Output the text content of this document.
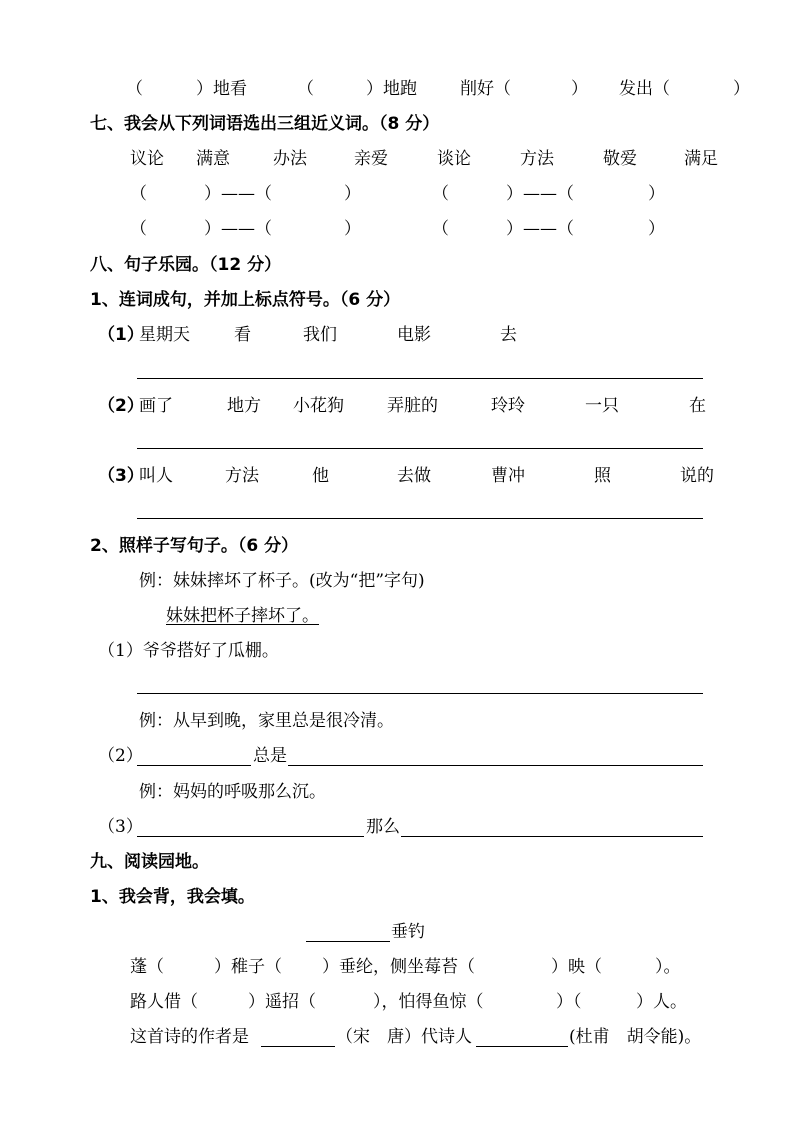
（	）地看	（	）地跑	削好（	） 发出（	）
七、我会从下列词语选出三组近义词。（8 分）
议论 满意	办法	亲爱	谈论	方法	敬爱	满足
（	）——（	）	（	）——（	）
（	）——（	）	（	）——（	）
八、句子乐园。（12 分）
1、连词成句，并加上标点符号。（6 分）
（1）
星期天	看	我们	电影	去
（2）
画了	地方 小花狗	弄脏的	玲玲	一只	在
（3）
叫人	方法	他	去做	曹冲	照	说的
2、照样子写句子。（6 分）
例：妹妹摔坏了杯子。(改为“把”字句)
妹妹把杯子摔坏了。
（1）爷爷搭好了瓜棚。
例：从早到晚，家里总是很冷清。
（2）	总是
例：妈妈的呼吸那么沉。
（3）	那么
九、阅读园地。
1、我会背，我会填。
垂钓
蓬（	）稚子（ ）垂纶，侧坐莓苔（	）映（	）。
路人借（	）遥招（	），怕得鱼惊（	）（	）人。
这首诗的作者是	（宋　唐）代诗人	(杜甫　胡令能)。
